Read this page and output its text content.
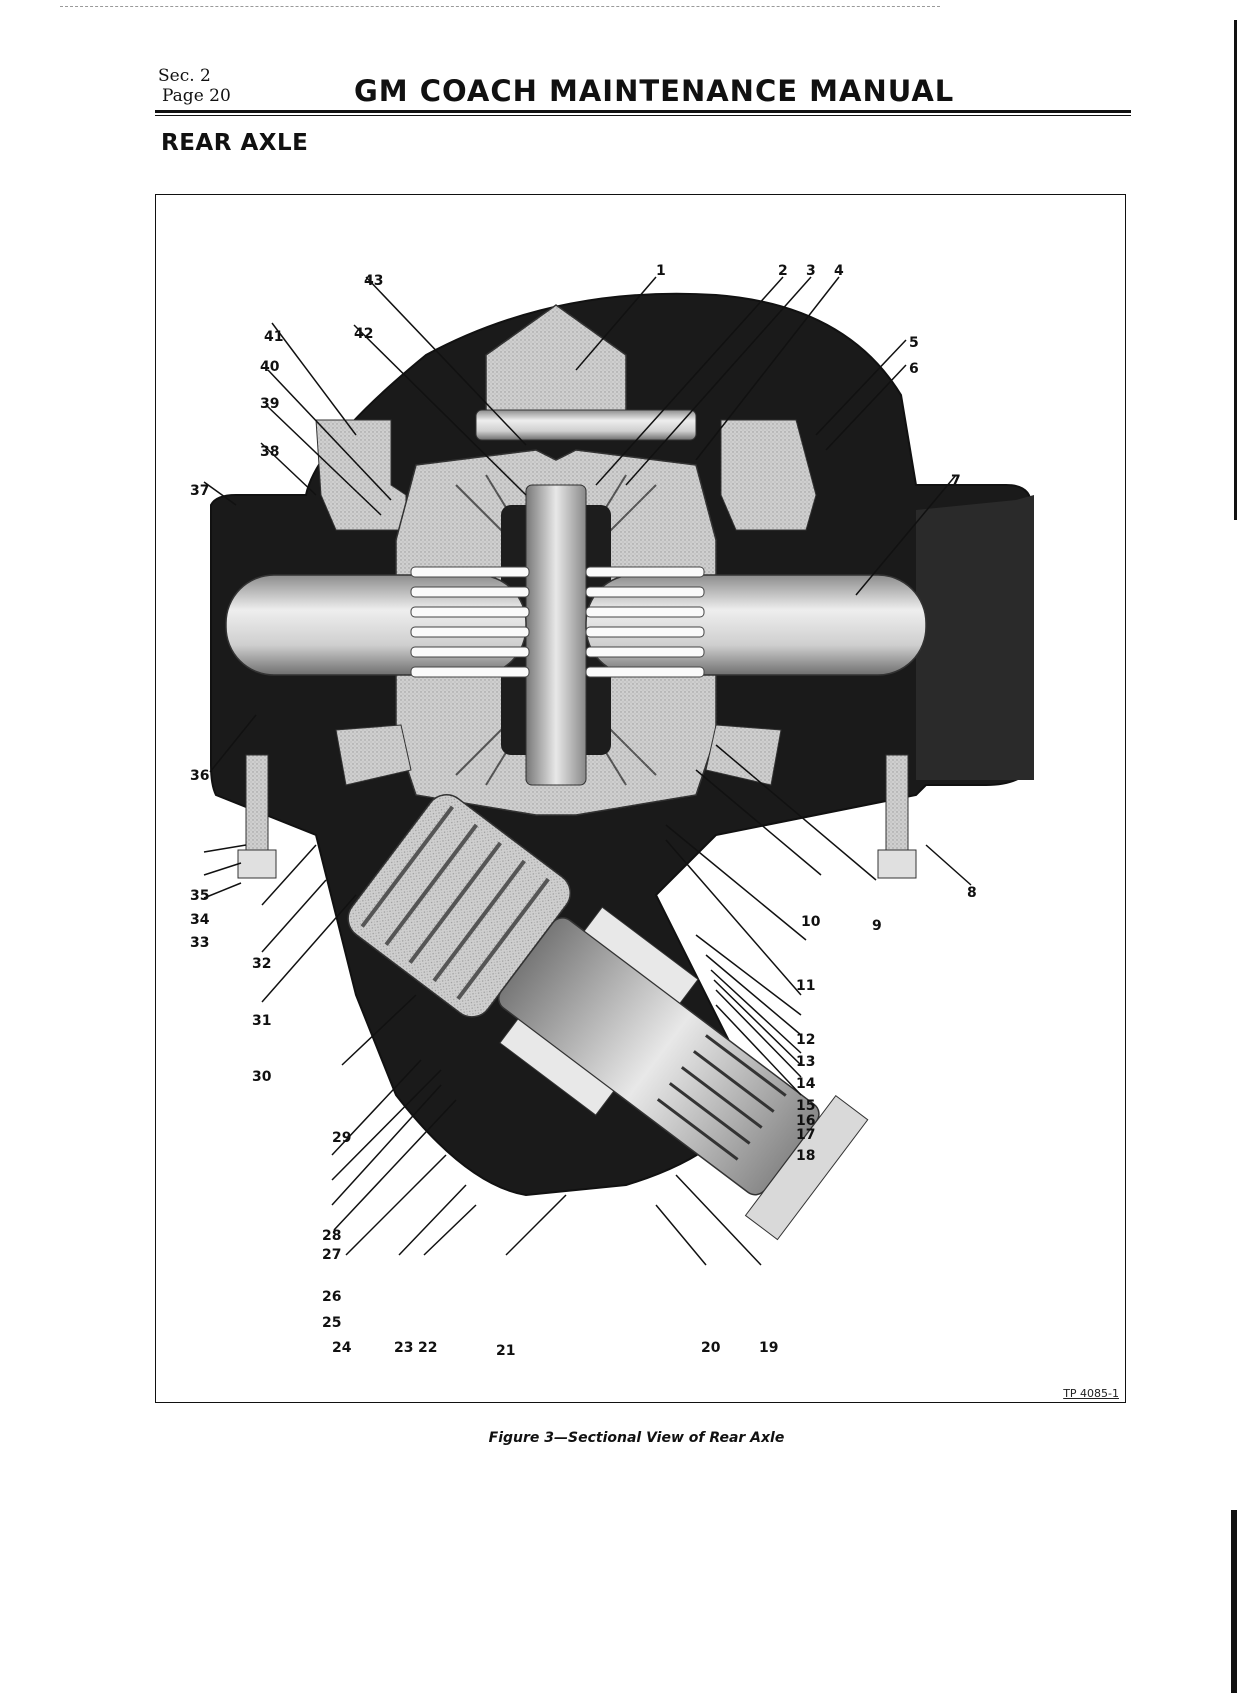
Sec. 2
Page 20	GM COACH MAINTENANCE MANUAL
REAR AXLE
1	2 3 4
5
6
7
8
9
10
11
12
13
14
15
16
17
18
19
20
21
22
23
24
25
26
27
28
29
30
31
32
33
34
35
36
37
38
39
40
41	42
43
TP 4085-1
Figure 3—Sectional View of Rear Axle
